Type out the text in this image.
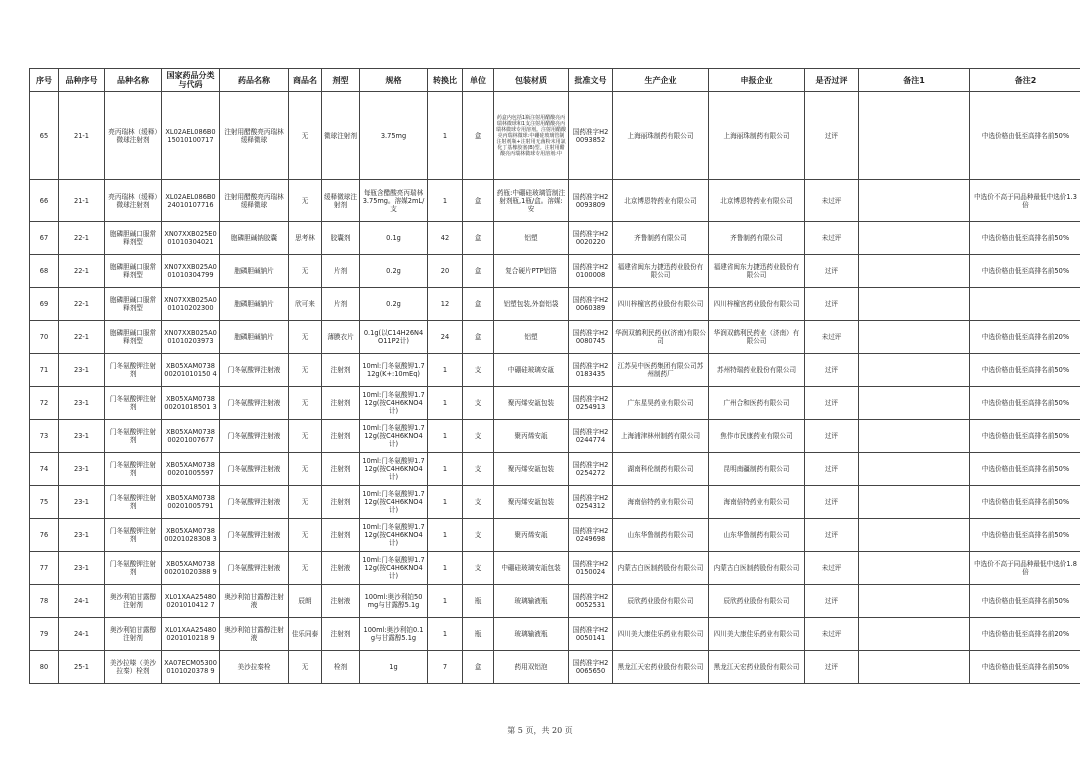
序号	品种序号	品种名称	国家药品分类与代码	药品名称	商品名	剂型	规格	转换比	单位	包装材质	批准文号	生产企业	申报企业	是否过评	备注1	备注2
65	21-1	亮丙瑞林（缓释）微球注射剂	XL02AEL086B015010100717	注射用醋酸亮丙瑞林缓释微球	无	微球注射剂	3.75mg	1	盒	药盒内包括1瓶注射用醋酸亮丙瑞林微球和1支注射用醋酸亮丙瑞林微球专用溶剂。注射用醋酸亮丙瑞林微球:中硼硅玻璃管制注射剂瓶+注射用无菌粉末用氯化丁基橡胶塞(B)型。注射用醋酸亮丙瑞林微球专用溶剂:中	国药准字H20093852	上海丽珠制药有限公司	上海丽珠制药有限公司	过评		中选价格由低至高排名前50%
66	21-1	亮丙瑞林（缓释）微球注射剂	XL02AEL086B024010107716	注射用醋酸亮丙瑞林缓释微球	无	缓释微球注射剂	每瓶含醋酸亮丙瑞林3.75mg。溶媒2mL/支	1	盒	药瓶:中硼硅玻璃管制注射剂瓶,1瓶/盒。溶媒:安	国药准字H20093809	北京博恩特药业有限公司	北京博恩特药业有限公司	未过评		中选价不高于同品种最低中选价1.3倍
67	22-1	胞磷胆碱口服常释剂型	XN07XXB025E001010304021	胞磷胆碱钠胶囊	思考林	胶囊剂	0.1g	42	盒	铝塑	国药准字H20020220	齐鲁制药有限公司	齐鲁制药有限公司	未过评		中选价格由低至高排名前50%
68	22-1	胞磷胆碱口服常释剂型	XN07XXB025A001010304799	胞磷胆碱钠片	无	片剂	0.2g	20	盒	复合硬片PTP铝箔	国药准字H20100008	福建省闽东力捷迅药业股份有限公司	福建省闽东力捷迅药业股份有限公司	过评		中选价格由低至高排名前50%
69	22-1	胞磷胆碱口服常释剂型	XN07XXB025A001010202300	胞磷胆碱钠片	欣可来	片剂	0.2g	12	盒	铝塑包装,外套铝袋	国药准字H20060389	四川梓橦宫药业股份有限公司	四川梓橦宫药业股份有限公司	过评		
70	22-1	胞磷胆碱口服常释剂型	XN07XXB025A001010203973	胞磷胆碱钠片	无	薄膜衣片	0.1g(以C14H26N4O11P2计)	24	盒	铝塑	国药准字H20080745	华润双鹤利民药业(济南)有限公司	华润双鹤利民药业（济南）有限公司	未过评		中选价格由低至高排名前20%
71	23-1	门冬氨酸钾注射剂	XB05XAM073800201010150 4	门冬氨酸钾注射液	无	注射剂	10ml:门冬氨酸钾1.712g(K+:10mEq)	1	支	中硼硅玻璃安瓿	国药准字H20183435	江苏吴中医药集团有限公司苏州制药厂	苏州特瑞药业股份有限公司	过评		中选价格由低至高排名前50%
72	23-1	门冬氨酸钾注射剂	XB05XAM073800201018501 3	门冬氨酸钾注射液	无	注射剂	10ml:门冬氨酸钾1.712g(按C4H6KNO4计)	1	支	聚丙烯安瓿包装	国药准字H20254913	广东星昊药业有限公司	广州合和医药有限公司	过评		中选价格由低至高排名前50%
73	23-1	门冬氨酸钾注射剂	XB05XAM073800201007677	门冬氨酸钾注射液	无	注射剂	10ml:门冬氨酸钾1.712g(按C4H6KNO4计)	1	支	聚丙烯安瓿	国药准字H20244774	上海浦津林州制药有限公司	焦作市民康药业有限公司	过评		中选价格由低至高排名前50%
74	23-1	门冬氨酸钾注射剂	XB05XAM073800201005597	门冬氨酸钾注射液	无	注射剂	10ml:门冬氨酸钾1.712g(按C4H6KNO4计)	1	支	聚丙烯安瓿包装	国药准字H20254272	湖南科伦制药有限公司	昆明南疆制药有限公司	过评		中选价格由低至高排名前50%
75	23-1	门冬氨酸钾注射剂	XB05XAM073800201005791	门冬氨酸钾注射液	无	注射剂	10ml:门冬氨酸钾1.712g(按C4H6KNO4计)	1	支	聚丙烯安瓿包装	国药准字H20254312	海南倍特药业有限公司	海南倍特药业有限公司	过评		中选价格由低至高排名前50%
76	23-1	门冬氨酸钾注射剂	XB05XAM073800201028308 3	门冬氨酸钾注射液	无	注射剂	10ml:门冬氨酸钾1.712g(按C4H6KNO4计)	1	支	聚丙烯安瓿	国药准字H20249698	山东华鲁制药有限公司	山东华鲁制药有限公司	过评		中选价格由低至高排名前50%
77	23-1	门冬氨酸钾注射剂	XB05XAM073800201020388 9	门冬氨酸钾注射液	无	注射液	10ml:门冬氨酸钾1.712g(按C4H6KNO4计)	1	支	中硼硅玻璃安瓿包装	国药准字H20150024	内蒙古白医制药股份有限公司	内蒙古白医制药股份有限公司	未过评		中选价不高于同品种最低中选价1.8倍
78	24-1	奥沙利铂甘露醇注射剂	XL01XAA254800201010412 7	奥沙利铂甘露醇注射液	辰朗	注射液	100ml:奥沙利铂50mg与甘露醇5.1g	1	瓶	玻璃输液瓶	国药准字H20052531	辰欣药业股份有限公司	辰欣药业股份有限公司	过评		中选价格由低至高排名前50%
79	24-1	奥沙利铂甘露醇注射剂	XL01XAA254800201010218 9	奥沙利铂甘露醇注射液	佳乐同泰	注射剂	100ml:奥沙利铂0.1g与甘露醇5.1g	1	瓶	玻璃输液瓶	国药准字H20050141	四川美大康佳乐药业有限公司	四川美大康佳乐药业有限公司	未过评		中选价格由低至高排名前20%
80	25-1	美沙拉嗪（美沙拉秦）栓剂	XA07ECM053000101020378 9	美沙拉秦栓	无	栓剂	1g	7	盒	药用双铝泡	国药准字H20065650	黑龙江天宏药业股份有限公司	黑龙江天宏药业股份有限公司	过评		中选价格由低至高排名前50%
第 5 页，共 20 页
